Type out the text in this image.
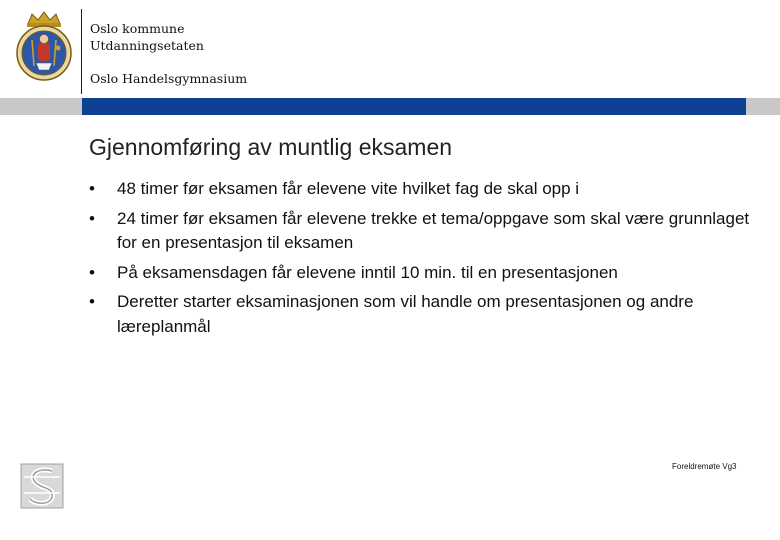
Oslo kommune
Utdanningsetaten
Oslo Handelsgymnasium
Gjennomføring av muntlig eksamen
•	48 timer før eksamen får elevene vite hvilket fag de skal opp i
•	24 timer før eksamen får elevene trekke et tema/oppgave som skal være grunnlaget for en presentasjon til eksamen
•	På eksamensdagen får elevene inntil 10 min. til en presentasjonen
•	Deretter starter eksaminasjonen som vil handle om presentasjonen og andre læreplanmål
Foreldremøte Vg3
